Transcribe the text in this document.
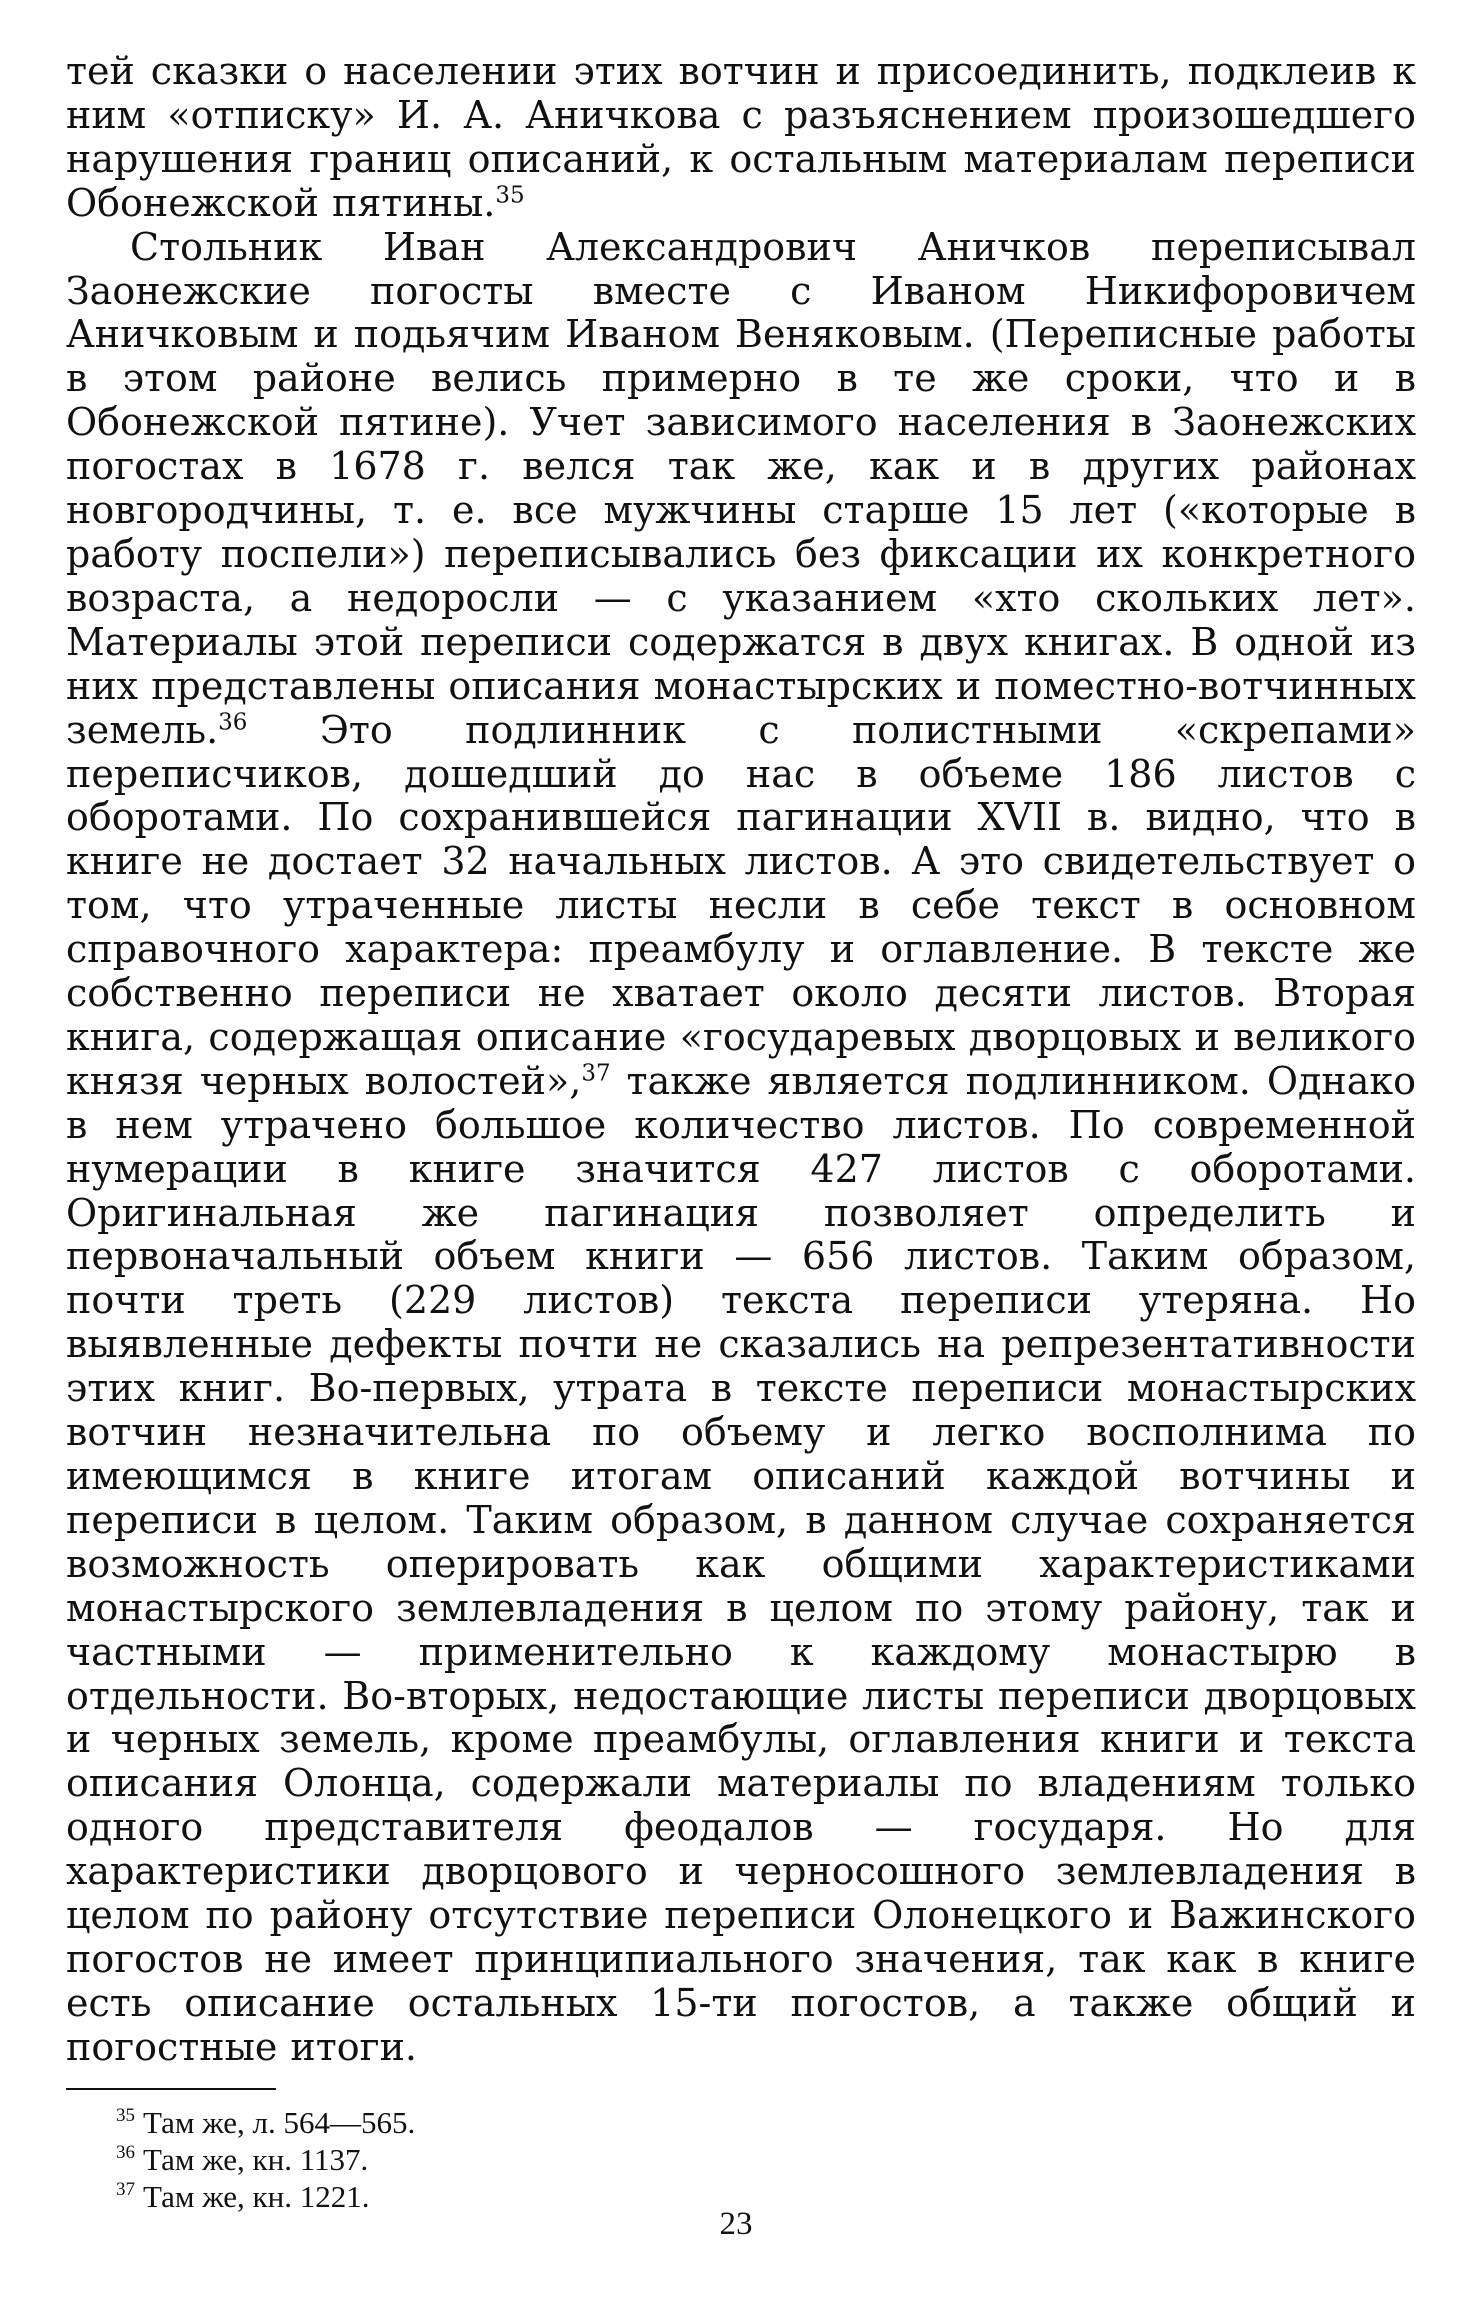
тей сказки о населении этих вотчин и присоединить, подклеив к ним «отписку» И. А. Аничкова с разъяснением произошедшего нарушения границ описаний, к остальным материалам переписи Обонежской пятины.$^{35}$

Стольник Иван Александрович Аничков переписывал Заонежские погосты вместе с Иваном Никифоровичем Аничковым и подьячим Иваном Веняковым. (Переписные работы в этом районе велись примерно в те же сроки, что и в Обонежской пятине). Учет зависимого населения в Заонежских погостах в 1678 г. велся так же, как и в других районах новгородчины, т. е. все мужчины старше 15 лет («которые в работу поспели») переписывались без фиксации их конкретного возраста, а недоросли — с указанием «хто скольких лет». Материалы этой переписи содержатся в двух книгах. В одной из них представлены описания монастырских и поместно-вотчинных земель.$^{36}$ Это подлинник с полистными «скрепами» переписчиков, дошедший до нас в объеме 186 листов с оборотами. По сохранившейся пагинации XVII в. видно, что в книге не достает 32 начальных листов. А это свидетельствует о том, что утраченные листы несли в себе текст в основном справочного характера: преамбулу и оглавление. В тексте же собственно переписи не хватает около десяти листов. Вторая книга, содержащая описание «государевых дворцовых и великого князя черных волостей»,$^{37}$ также является подлинником. Однако в нем утрачено большое количество листов. По современной нумерации в книге значится 427 листов с оборотами. Оригинальная же пагинация позволяет определить и первоначальный объем книги — 656 листов. Таким образом, почти треть (229 листов) текста переписи утеряна. Но выявленные дефекты почти не сказались на репрезентативности этих книг. Во-первых, утрата в тексте переписи монастырских вотчин незначительна по объему и легко восполнима по имеющимся в книге итогам описаний каждой вотчины и переписи в целом. Таким образом, в данном случае сохраняется возможность оперировать как общими характеристиками монастырского землевладения в целом по этому району, так и частными — применительно к каждому монастырю в отдельности. Во-вторых, недостающие листы переписи дворцовых и черных земель, кроме преамбулы, оглавления книги и текста описания Олонца, содержали материалы по владениям только одного представителя феодалов — государя. Но для характеристики дворцового и черносошного землевладения в целом по району отсутствие переписи Олонецкого и Важинского погостов не имеет принципиального значения, так как в книге есть описание остальных 15-ти погостов, а также общий и погостные итоги.

$^{35}$ Там же, л. 564—565.
$^{36}$ Там же, кн. 1137.
$^{37}$ Там же, кн. 1221.
23
